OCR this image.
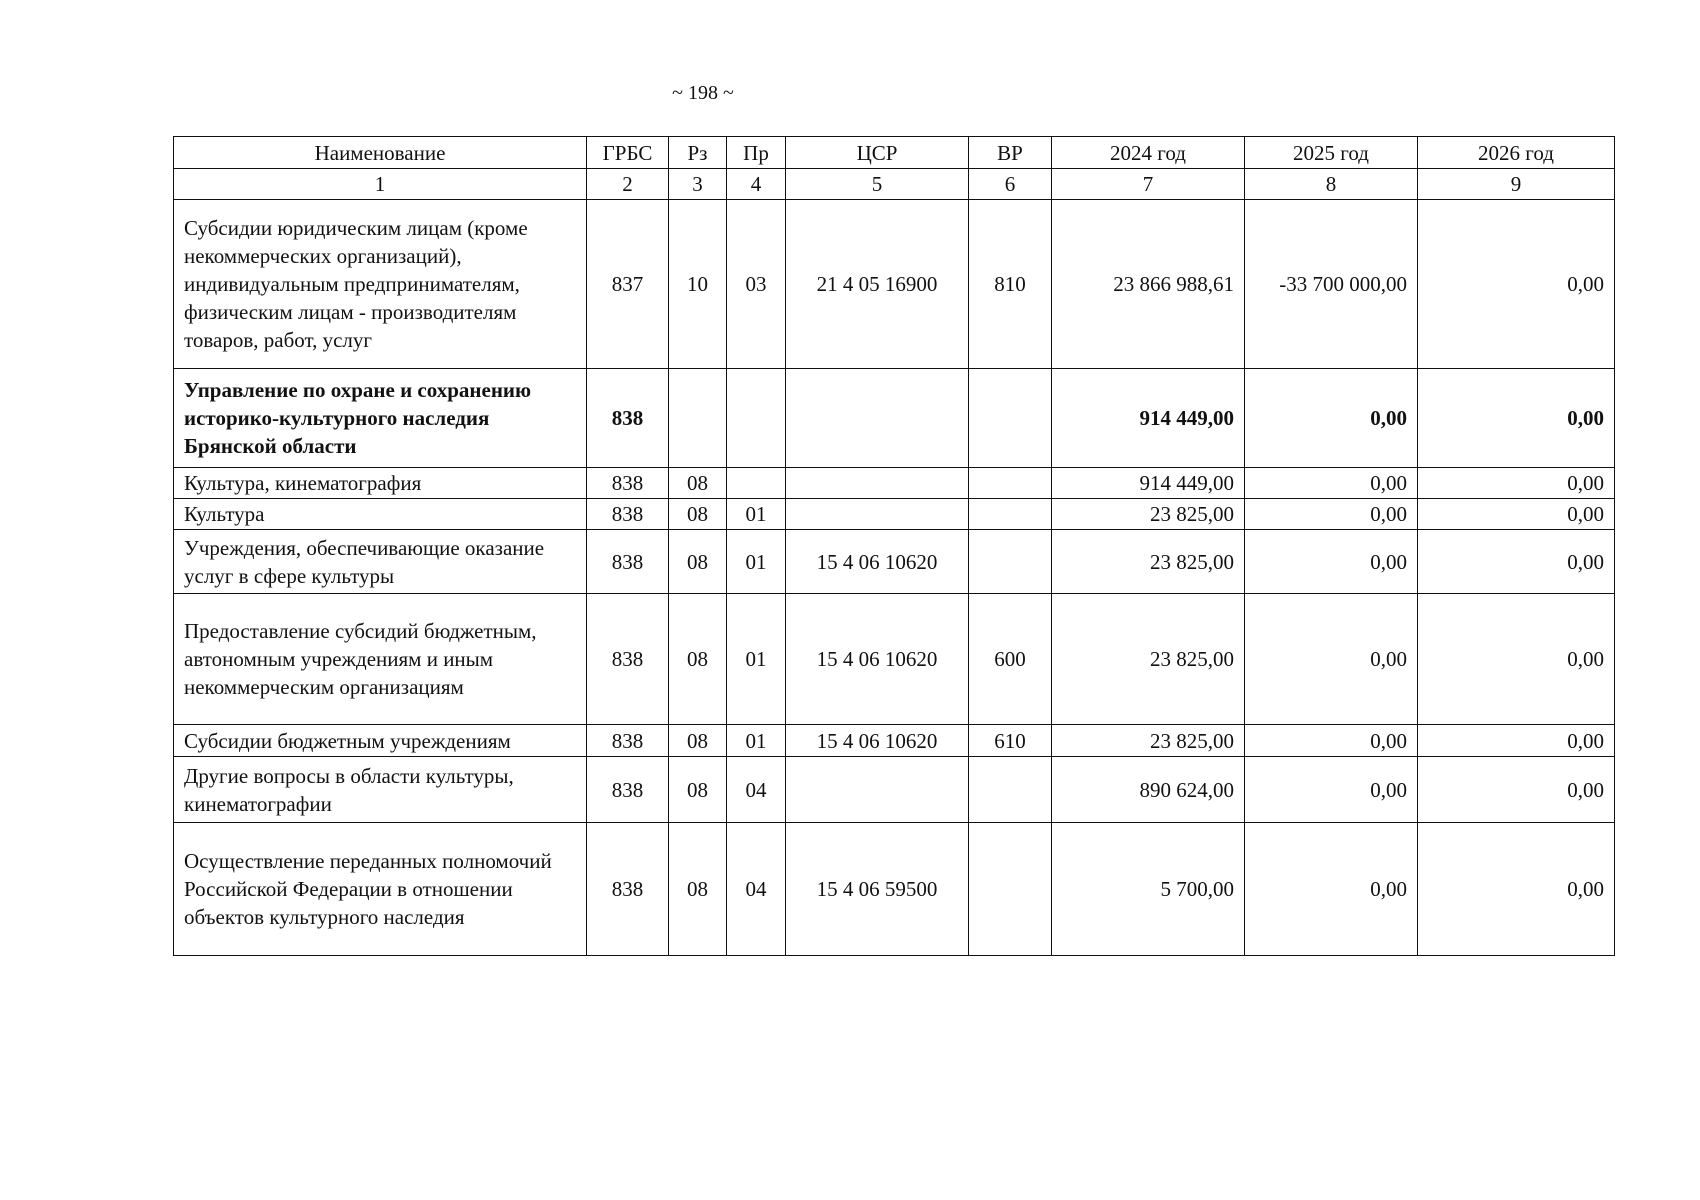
~ 198 ~
Наименование	ГРБС	Рз	Пр	ЦСР	ВР	2024 год	2025 год	2026 год
1	2	3	4	5	6	7	8	9
Субсидии юридическим лицам (кроме некоммерческих организаций), индивидуальным предпринимателям, физическим лицам - производителям товаров, работ, услуг	837	10	03	21 4 05 16900	810	23 866 988,61	-33 700 000,00	0,00
Управление по охране и сохранению историко-культурного наследия Брянской области	838					914 449,00	0,00	0,00
Культура, кинематография	838	08				914 449,00	0,00	0,00
Культура	838	08	01			23 825,00	0,00	0,00
Учреждения, обеспечивающие оказание услуг в сфере культуры	838	08	01	15 4 06 10620		23 825,00	0,00	0,00
Предоставление субсидий бюджетным, автономным учреждениям и иным некоммерческим организациям	838	08	01	15 4 06 10620	600	23 825,00	0,00	0,00
Субсидии бюджетным учреждениям	838	08	01	15 4 06 10620	610	23 825,00	0,00	0,00
Другие вопросы в области культуры, кинематографии	838	08	04			890 624,00	0,00	0,00
Осуществление переданных полномочий Российской Федерации в отношении объектов культурного наследия	838	08	04	15 4 06 59500		5 700,00	0,00	0,00
